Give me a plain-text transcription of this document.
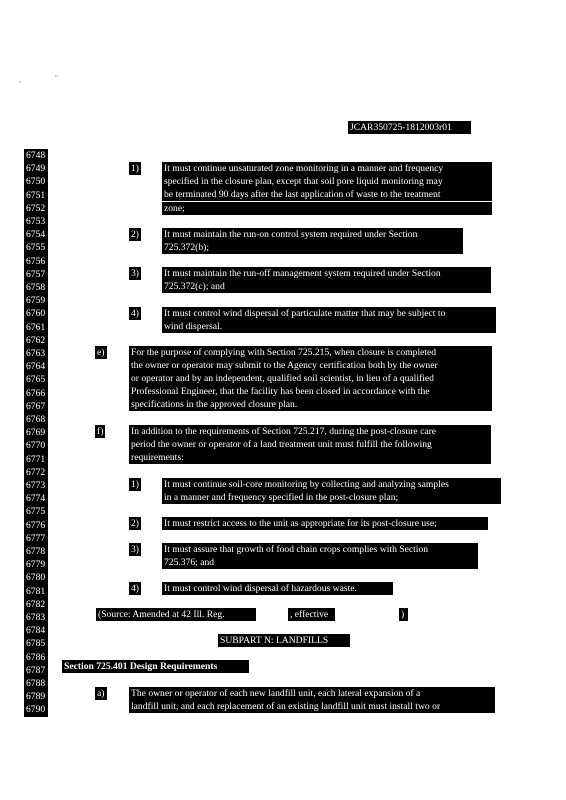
,	"
JCAR350725-1812003r01
6748
6749
6750
6751
6752
6753
6754
6755
6756
6757
6758
6759
6760
6761
6762
6763
6764
6765
6766
6767
6768
6769
6770
6771
6772
6773
6774
6775
6776
6777
6778
6779
6780
6781
6782
6783
6784
6785
6786
6787
6788
6789
6790
1)	It must continue unsaturated zone monitoring in a manner and frequency
specified in the closure plan, except that soil pore liquid monitoring may
be terminated 90 days after the last application of waste to the treatment
zone;
2)	It must maintain the run-on control system required under Section
725.372(b);
3)	It must maintain the run-off management system required under Section
725.372(c); and
4)	It must control wind dispersal of particulate matter that may be subject to
wind dispersal.
e)	For the purpose of complying with Section 725.215, when closure is completed
the owner or operator may submit to the Agency certification both by the owner
or operator and by an independent, qualified soil scientist, in lieu of a qualified
Professional Engineer, that the facility has been closed in accordance with the
specifications in the approved closure plan.
f)	In addition to the requirements of Section 725.217, during the post-closure care
period the owner or operator of a land treatment unit must fulfill the following
requirements:
1)	It must continue soil-core monitoring by collecting and analyzing samples
in a manner and frequency specified in the post-closure plan;
2)	It must restrict access to the unit as appropriate for its post-closure use;
3)	It must assure that growth of food chain crops complies with Section
725.376; and
4)	It must control wind dispersal of hazardous waste.
(Source: Amended at 42 Ill. Reg.	, effective	)
SUBPART N: LANDFILLS
Section 725.401 Design Requirements
a)	The owner or operator of each new landfill unit, each lateral expansion of a
landfill unit, and each replacement of an existing landfill unit must install two or
